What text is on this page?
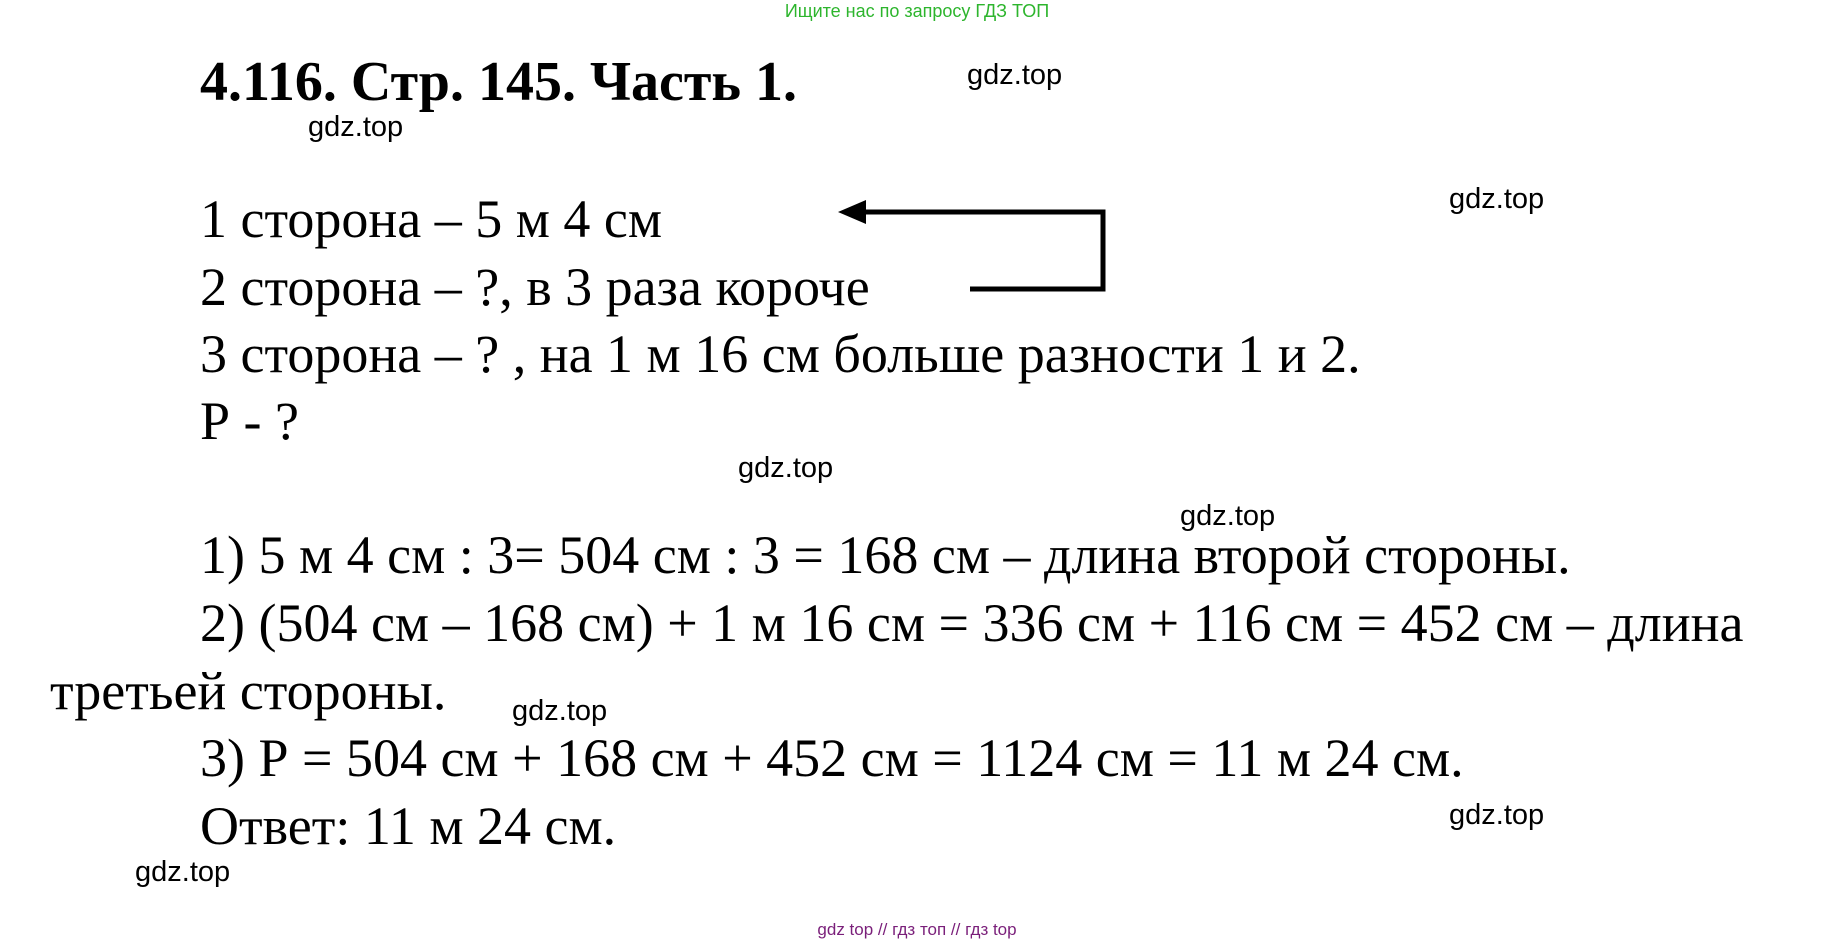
Ищите нас по запросу ГДЗ ТОП
4.116. Стр. 145. Часть 1.
1 сторона – 5 м 4 см
2 сторона – ?, в 3 раза короче
3 сторона – ? , на 1 м 16 см больше разности 1 и 2.
Р - ?
1) 5 м 4 см : 3= 504 см : 3 = 168 см – длина второй стороны.
2) (504 см – 168 см) + 1 м 16 см = 336 см + 116 см = 452 см – длина
третьей стороны.
3) Р = 504 см + 168 см + 452 см = 1124 см = 11 м 24 см.
Ответ: 11 м 24 см.
gdz.top
gdz.top
gdz.top
gdz.top
gdz.top
gdz.top
gdz.top
gdz.top
gdz top // гдз топ // гдз top
